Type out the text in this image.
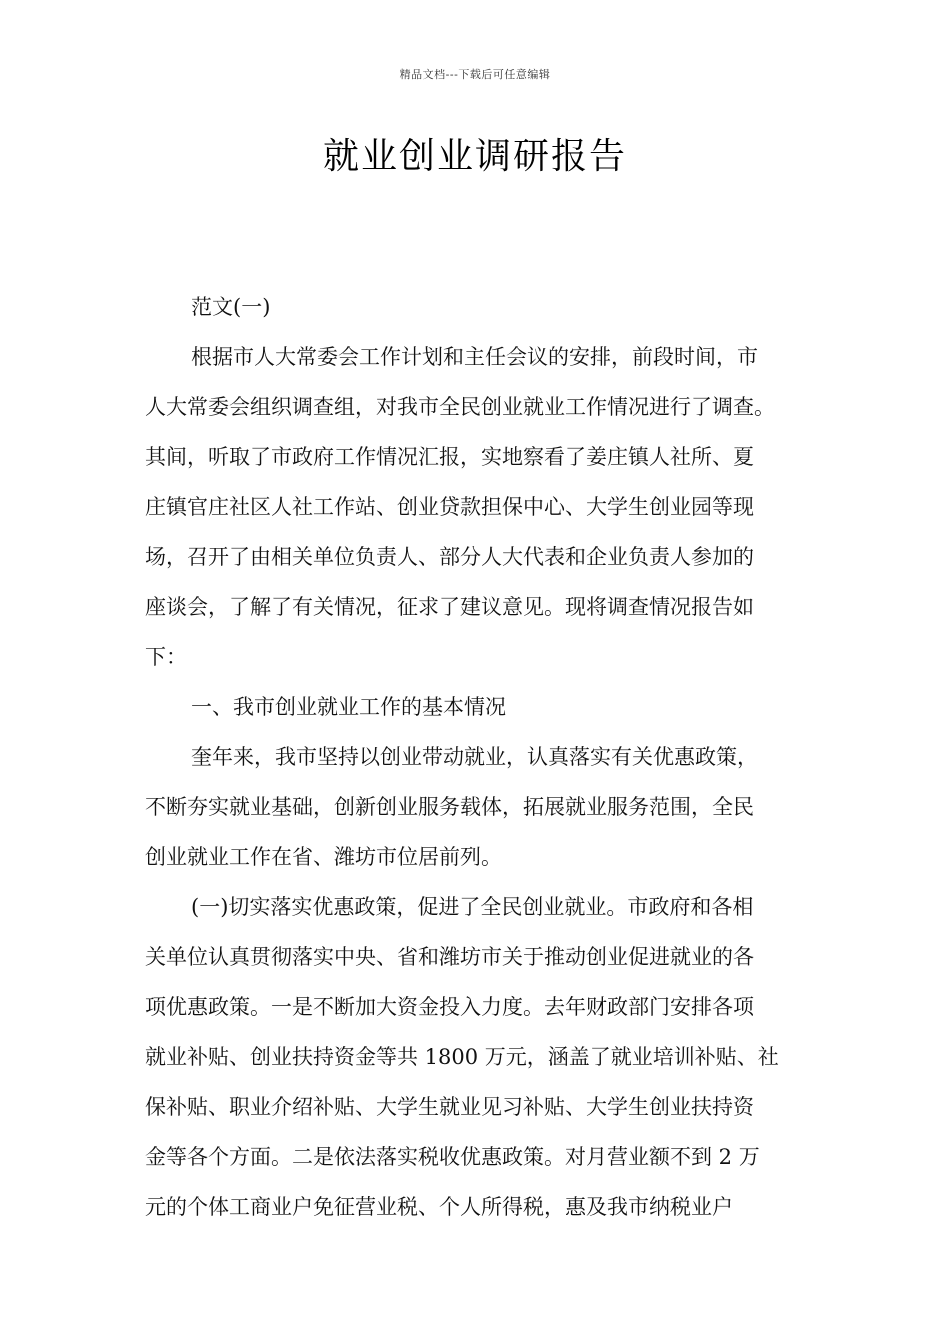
精品文档---下载后可任意编辑
就业创业调研报告
范文(一)
根据市人大常委会工作计划和主任会议的安排，前段时间，市
人大常委会组织调查组，对我市全民创业就业工作情况进行了调查。
其间，听取了市政府工作情况汇报，实地察看了姜庄镇人社所、夏
庄镇官庄社区人社工作站、创业贷款担保中心、大学生创业园等现
场，召开了由相关单位负责人、部分人大代表和企业负责人参加的
座谈会，了解了有关情况，征求了建议意见。现将调查情况报告如
下：
一、我市创业就业工作的基本情况
奎年来，我市坚持以创业带动就业，认真落实有关优惠政策，
不断夯实就业基础，创新创业服务载体，拓展就业服务范围，全民
创业就业工作在省、潍坊市位居前列。
(一)切实落实优惠政策，促进了全民创业就业。市政府和各相
关单位认真贯彻落实中央、省和潍坊市关于推动创业促进就业的各
项优惠政策。一是不断加大资金投入力度。去年财政部门安排各项
就业补贴、创业扶持资金等共 1800 万元，涵盖了就业培训补贴、社
保补贴、职业介绍补贴、大学生就业见习补贴、大学生创业扶持资
金等各个方面。二是依法落实税收优惠政策。对月营业额不到 2 万
元的个体工商业户免征营业税、个人所得税，惠及我市纳税业户
